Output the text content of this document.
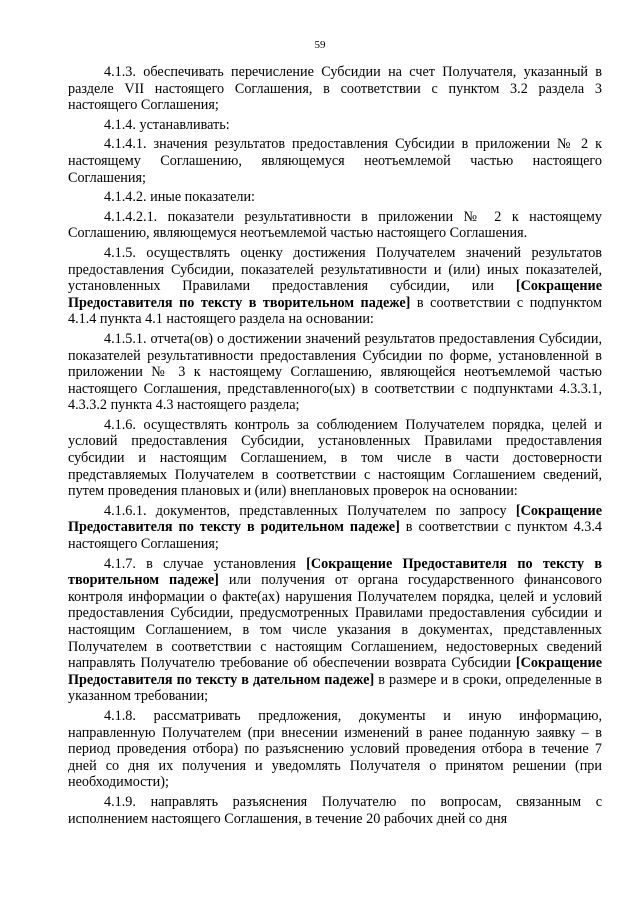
59

4.1.3. обеспечивать перечисление Субсидии на счет Получателя, указанный в разделе VII настоящего Соглашения, в соответствии с пунктом 3.2 раздела 3 настоящего Соглашения;

4.1.4. устанавливать:

4.1.4.1. значения результатов предоставления Субсидии в приложении № 2 к настоящему Соглашению, являющемуся неотъемлемой частью настоящего Соглашения;

4.1.4.2. иные показатели:

4.1.4.2.1. показатели результативности в приложении № 2 к настоящему Соглашению, являющемуся неотъемлемой частью настоящего Соглашения.

4.1.5. осуществлять оценку достижения Получателем значений результатов предоставления Субсидии, показателей результативности и (или) иных показателей, установленных Правилами предоставления субсидии, или [Сокращение Предоставителя по тексту в творительном падеже] в соответствии с подпунктом 4.1.4 пункта 4.1 настоящего раздела на основании:

4.1.5.1. отчета(ов) о достижении значений результатов предоставления Субсидии, показателей результативности предоставления Субсидии по форме, установленной в приложении № 3 к настоящему Соглашению, являющейся неотъемлемой частью настоящего Соглашения, представленного(ых) в соответствии с подпунктами 4.3.3.1, 4.3.3.2 пункта 4.3 настоящего раздела;

4.1.6. осуществлять контроль за соблюдением Получателем порядка, целей и условий предоставления Субсидии, установленных Правилами предоставления субсидии и настоящим Соглашением, в том числе в части достоверности представляемых Получателем в соответствии с настоящим Соглашением сведений, путем проведения плановых и (или) внеплановых проверок на основании:

4.1.6.1. документов, представленных Получателем по запросу [Сокращение Предоставителя по тексту в родительном падеже] в соответствии с пунктом 4.3.4 настоящего Соглашения;

4.1.7. в случае установления [Сокращение Предоставителя по тексту в творительном падеже] или получения от органа государственного финансового контроля информации о факте(ах) нарушения Получателем порядка, целей и условий предоставления Субсидии, предусмотренных Правилами предоставления субсидии и настоящим Соглашением, в том числе указания в документах, представленных Получателем в соответствии с настоящим Соглашением, недостоверных сведений направлять Получателю требование об обеспечении возврата Субсидии [Сокращение Предоставителя по тексту в дательном падеже] в размере и в сроки, определенные в указанном требовании;

4.1.8. рассматривать предложения, документы и иную информацию, направленную Получателем (при внесении изменений в ранее поданную заявку – в период проведения отбора) по разъяснению условий проведения отбора в течение 7 дней со дня их получения и уведомлять Получателя о принятом решении (при необходимости);

4.1.9. направлять разъяснения Получателю по вопросам, связанным с исполнением настоящего Соглашения, в течение 20 рабочих дней со дня
